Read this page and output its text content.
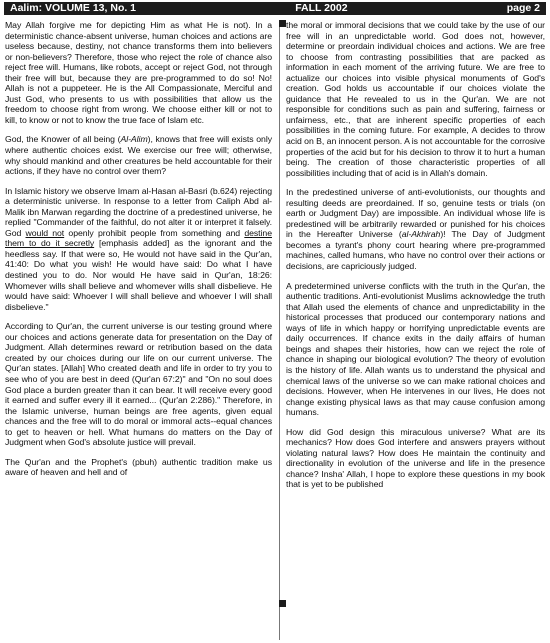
Aalim: VOLUME 13, No. 1	FALL 2002	page 2

May Allah forgive me for depicting Him as what He is not). In a deterministic chance-absent universe, human choices and actions are useless because, destiny, not chance transforms them into believers or non-believers? Therefore, those who reject the role of chance also reject free will. Humans, like robots, accept or reject God, not through their free will but, because they are pre-programmed to do so! No! Allah is not a puppeteer. He is the All Compassionate, Merciful and Just God, who presents to us with possibilities that allow us the freedom to choose right from wrong. We choose either kill or not to kill, to know or not to know the true face of Islam etc.

God, the Knower of all being (Al-Alim), knows that free will exists only where authentic choices exist. We exercise our free will; otherwise, why should mankind and other creatures be held accountable for their actions, if they have no control over them?

In Islamic history we observe Imam al-Hasan al-Basri (b.624) rejecting a deterministic universe. In response to a letter from Caliph Abd al-Malik ibn Marwan regarding the doctrine of a predestined universe, he replied "Commander of the faithful, do not alter it or interpret it falsely. God would not openly prohibit people from something and destine them to do it secretly [emphasis added] as the ignorant and the heedless say. If that were so, He would not have said in the Qur'an, 41:40: Do what you wish! He would have said: Do what I have destined you to do. Nor would He have said in Qur'an, 18:26: Whomever wills shall believe and whomever wills shall disbelieve. He would have said: Whoever I will shall believe and whoever I will shall disbelieve."

According to Qur'an, the current universe is our testing ground where our choices and actions generate data for presentation on the Day of Judgment. Allah determines reward or retribution based on the data created by our choices during our life on our current universe. The Qur'an states. [Allah] Who created death and life in order to try you to see who of you are best in deed (Qur'an 67:2)" and "On no soul does God place a burden greater than it can bear. It will receive every good it earned and suffer every ill it earned... (Qur'an 2:286)." Therefore, in the Islamic universe, human beings are free agents, given equal chances and the free will to do moral or immoral acts--equal chances to get to heaven or hell. What humans do matters on the Day of Judgment when God's absolute justice will prevail.

The Qur'an and the Prophet's (pbuh) authentic tradition make us aware of heaven and hell and of

the moral or immoral decisions that we could take by the use of our free will in an unpredictable world. God does not, however, determine or preordain individual choices and actions. We are free to choose from contrasting possibilities that are packed as information in each moment of the arriving future. We are free to actualize our choices into visible physical monuments of God's creation. God holds us accountable if our choices violate the guidance that He revealed to us in the Qur'an. We are not responsible for conditions such as pain and suffering, fairness or unfairness, etc., that are inherent specific properties of each possibilities in the coming future. For example, A decides to throw acid on B, an innocent person. A is not accountable for the corrosive properties of the acid but for his decision to throw it to hurt a human being. The creation of those characteristic properties of all possibilities including that of acid is in Allah's domain.

In the predestined universe of anti-evolutionists, our thoughts and resulting deeds are preordained. If so, genuine tests or trials (on earth or Judgment Day) are impossible. An individual whose life is predestined will be arbitrarily rewarded or punished for his choices in the Hereafter Universe (al-Akhirah)! The Day of Judgment becomes a tyrant's phony court hearing where pre-programmed machines, called humans, who have no control over their actions or decisions, are capriciously judged.

A predetermined universe conflicts with the truth in the Qur'an, the authentic traditions. Anti-evolutionist Muslims acknowledge the truth that Allah used the elements of chance and unpredictability in the historical processes that produced our contemporary nations and ways of life in which happy or horrifying unpredictable events are daily occurrences. If chance exits in the daily affairs of human beings and shapes their histories, how can we reject the role of chance in shaping our biological evolution? The theory of evolution is the history of life. Allah wants us to understand the physical and chemical laws of the universe so we can make rational choices and decisions. However, when He intervenes in our lives, He does not change existing physical laws as that may cause confusion among humans.

How did God design this miraculous universe? What are its mechanics? How does God interfere and answers prayers without violating natural laws? How does He maintain the continuity and directionality in evolution of the universe and life in the presence chance? Insha' Allah, I hope to explore these questions in my book that is yet to be published
